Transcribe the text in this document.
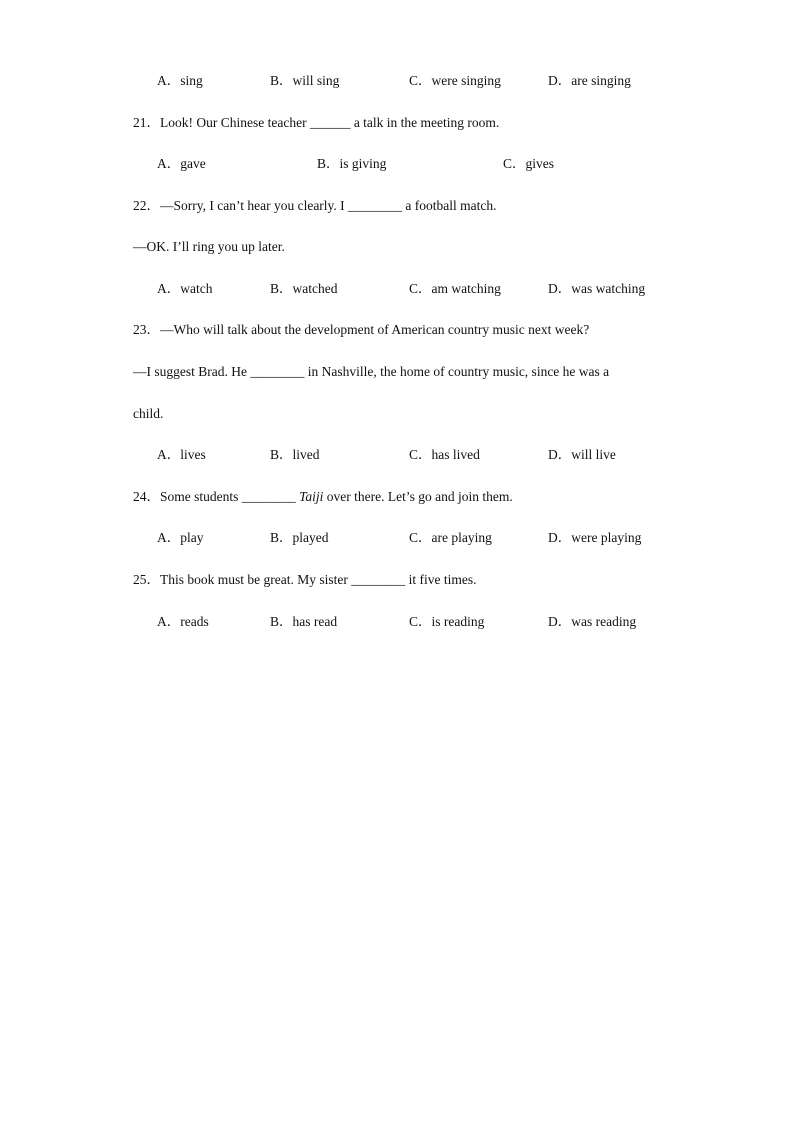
A．sing	B．will sing	C．were singing	D．are singing
21．Look! Our Chinese teacher ______ a talk in the meeting room.
A．gave	B．is giving	C．gives
22．—Sorry, I can’t hear you clearly. I ________ a football match.
—OK. I’ll ring you up later.
A．watch	B．watched	C．am watching	D．was watching
23．—Who will talk about the development of American country music next week?
—I suggest Brad. He ________ in Nashville, the home of country music, since he was a
child.
A．lives	B．lived	C．has lived	D．will live
24．Some students ________ Taiji over there. Let’s go and join them.
A．play	B．played	C．are playing	D．were playing
25．This book must be great. My sister ________ it five times.
A．reads	B．has read	C．is reading	D．was reading
